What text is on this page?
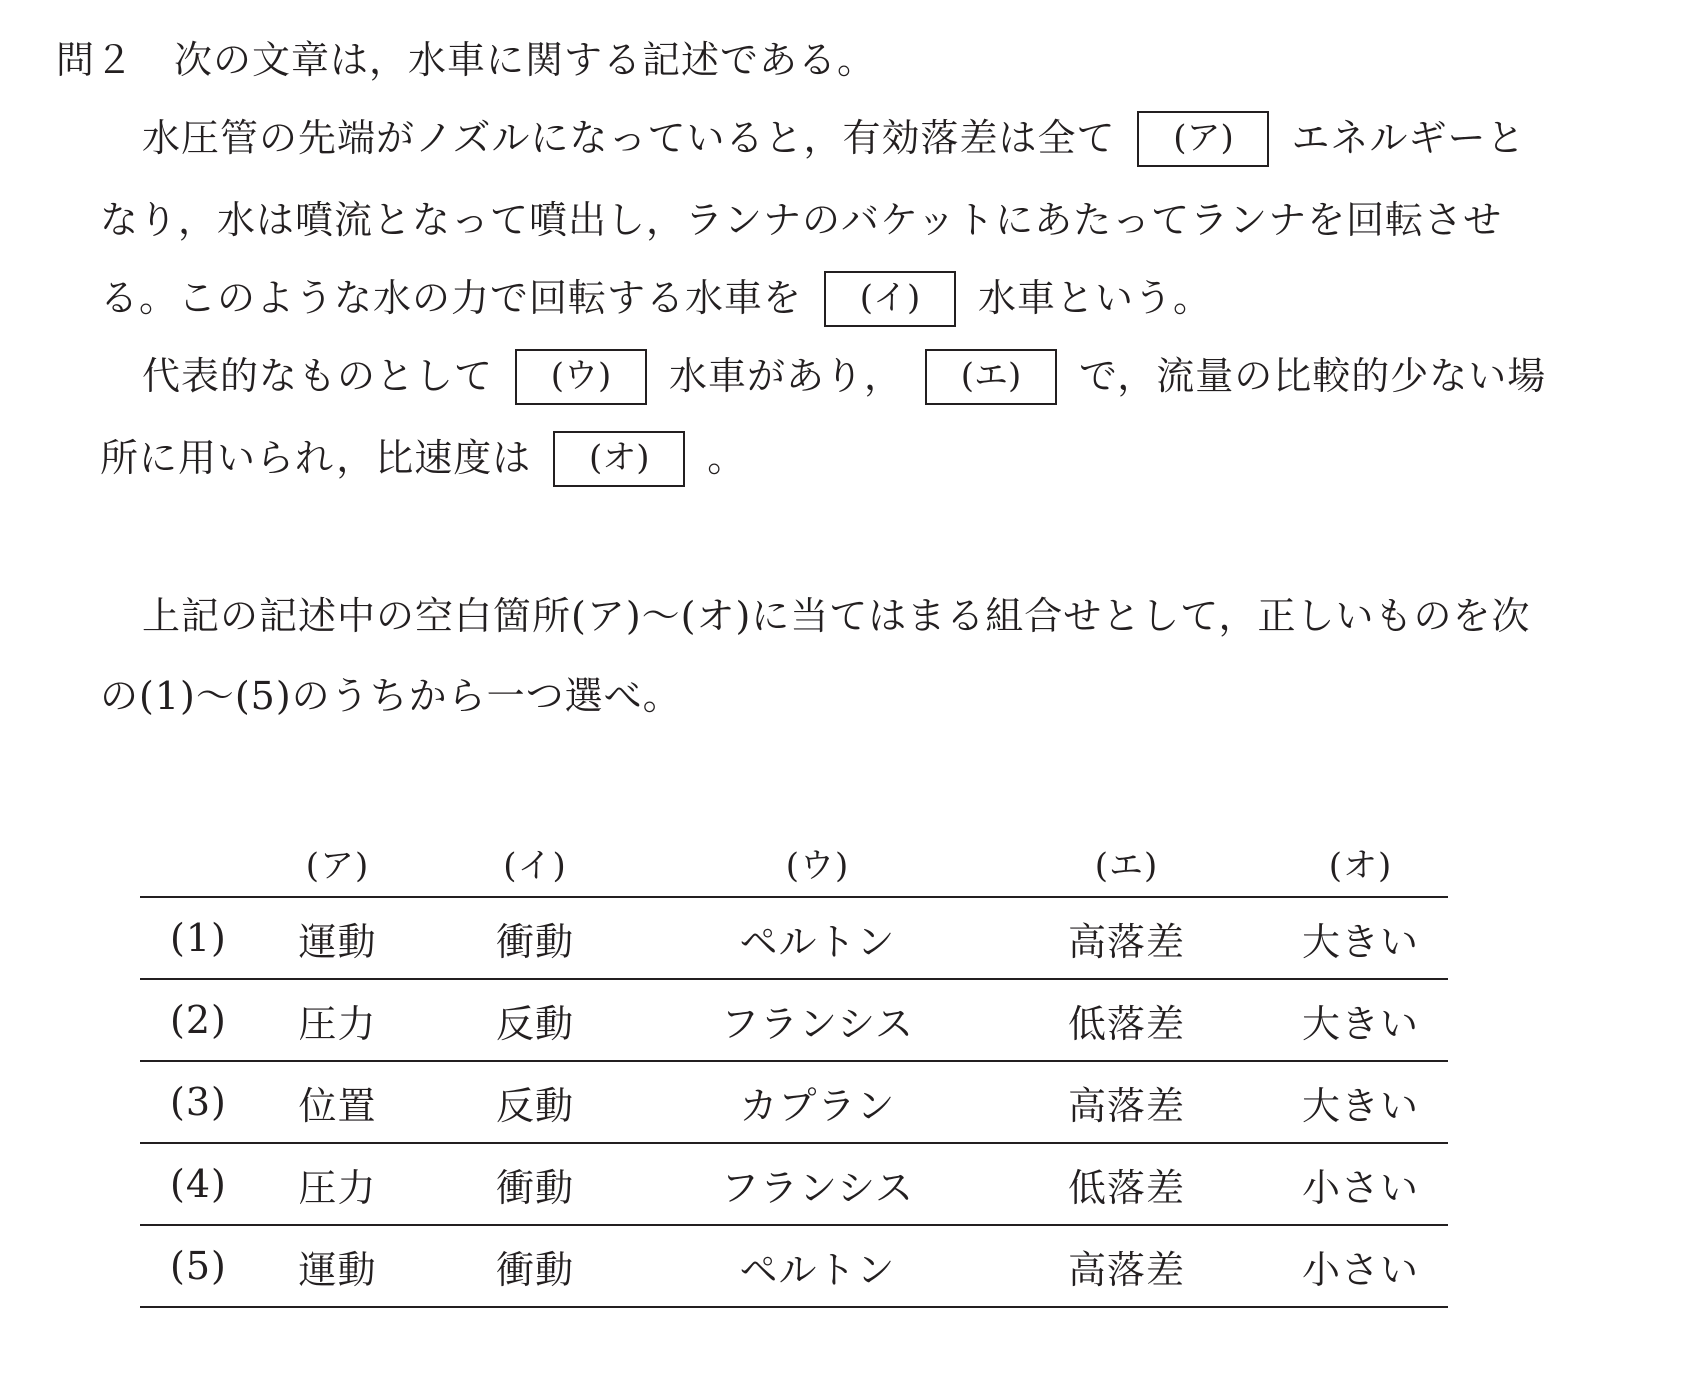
問２ 次の文章は，水車に関する記述である。
水圧管の先端がノズルになっていると，有効落差は全て (ア) エネルギーと
なり，水は噴流となって噴出し，ランナのバケットにあたってランナを回転させ
る。このような水の力で回転する水車を (イ) 水車という。
代表的なものとして (ウ) 水車があり， (エ) で，流量の比較的少ない場
所に用いられ，比速度は (オ) 。
上記の記述中の空白箇所(ア)～(オ)に当てはまる組合せとして，正しいものを次
の(1)～(5)のうちから一つ選べ。
	(ア)	(イ)	(ウ)	(エ)	(オ)
(1)	運動	衝動	ペルトン	高落差	大きい
(2)	圧力	反動	フランシス	低落差	大きい
(3)	位置	反動	カプラン	高落差	大きい
(4)	圧力	衝動	フランシス	低落差	小さい
(5)	運動	衝動	ペルトン	高落差	小さい
